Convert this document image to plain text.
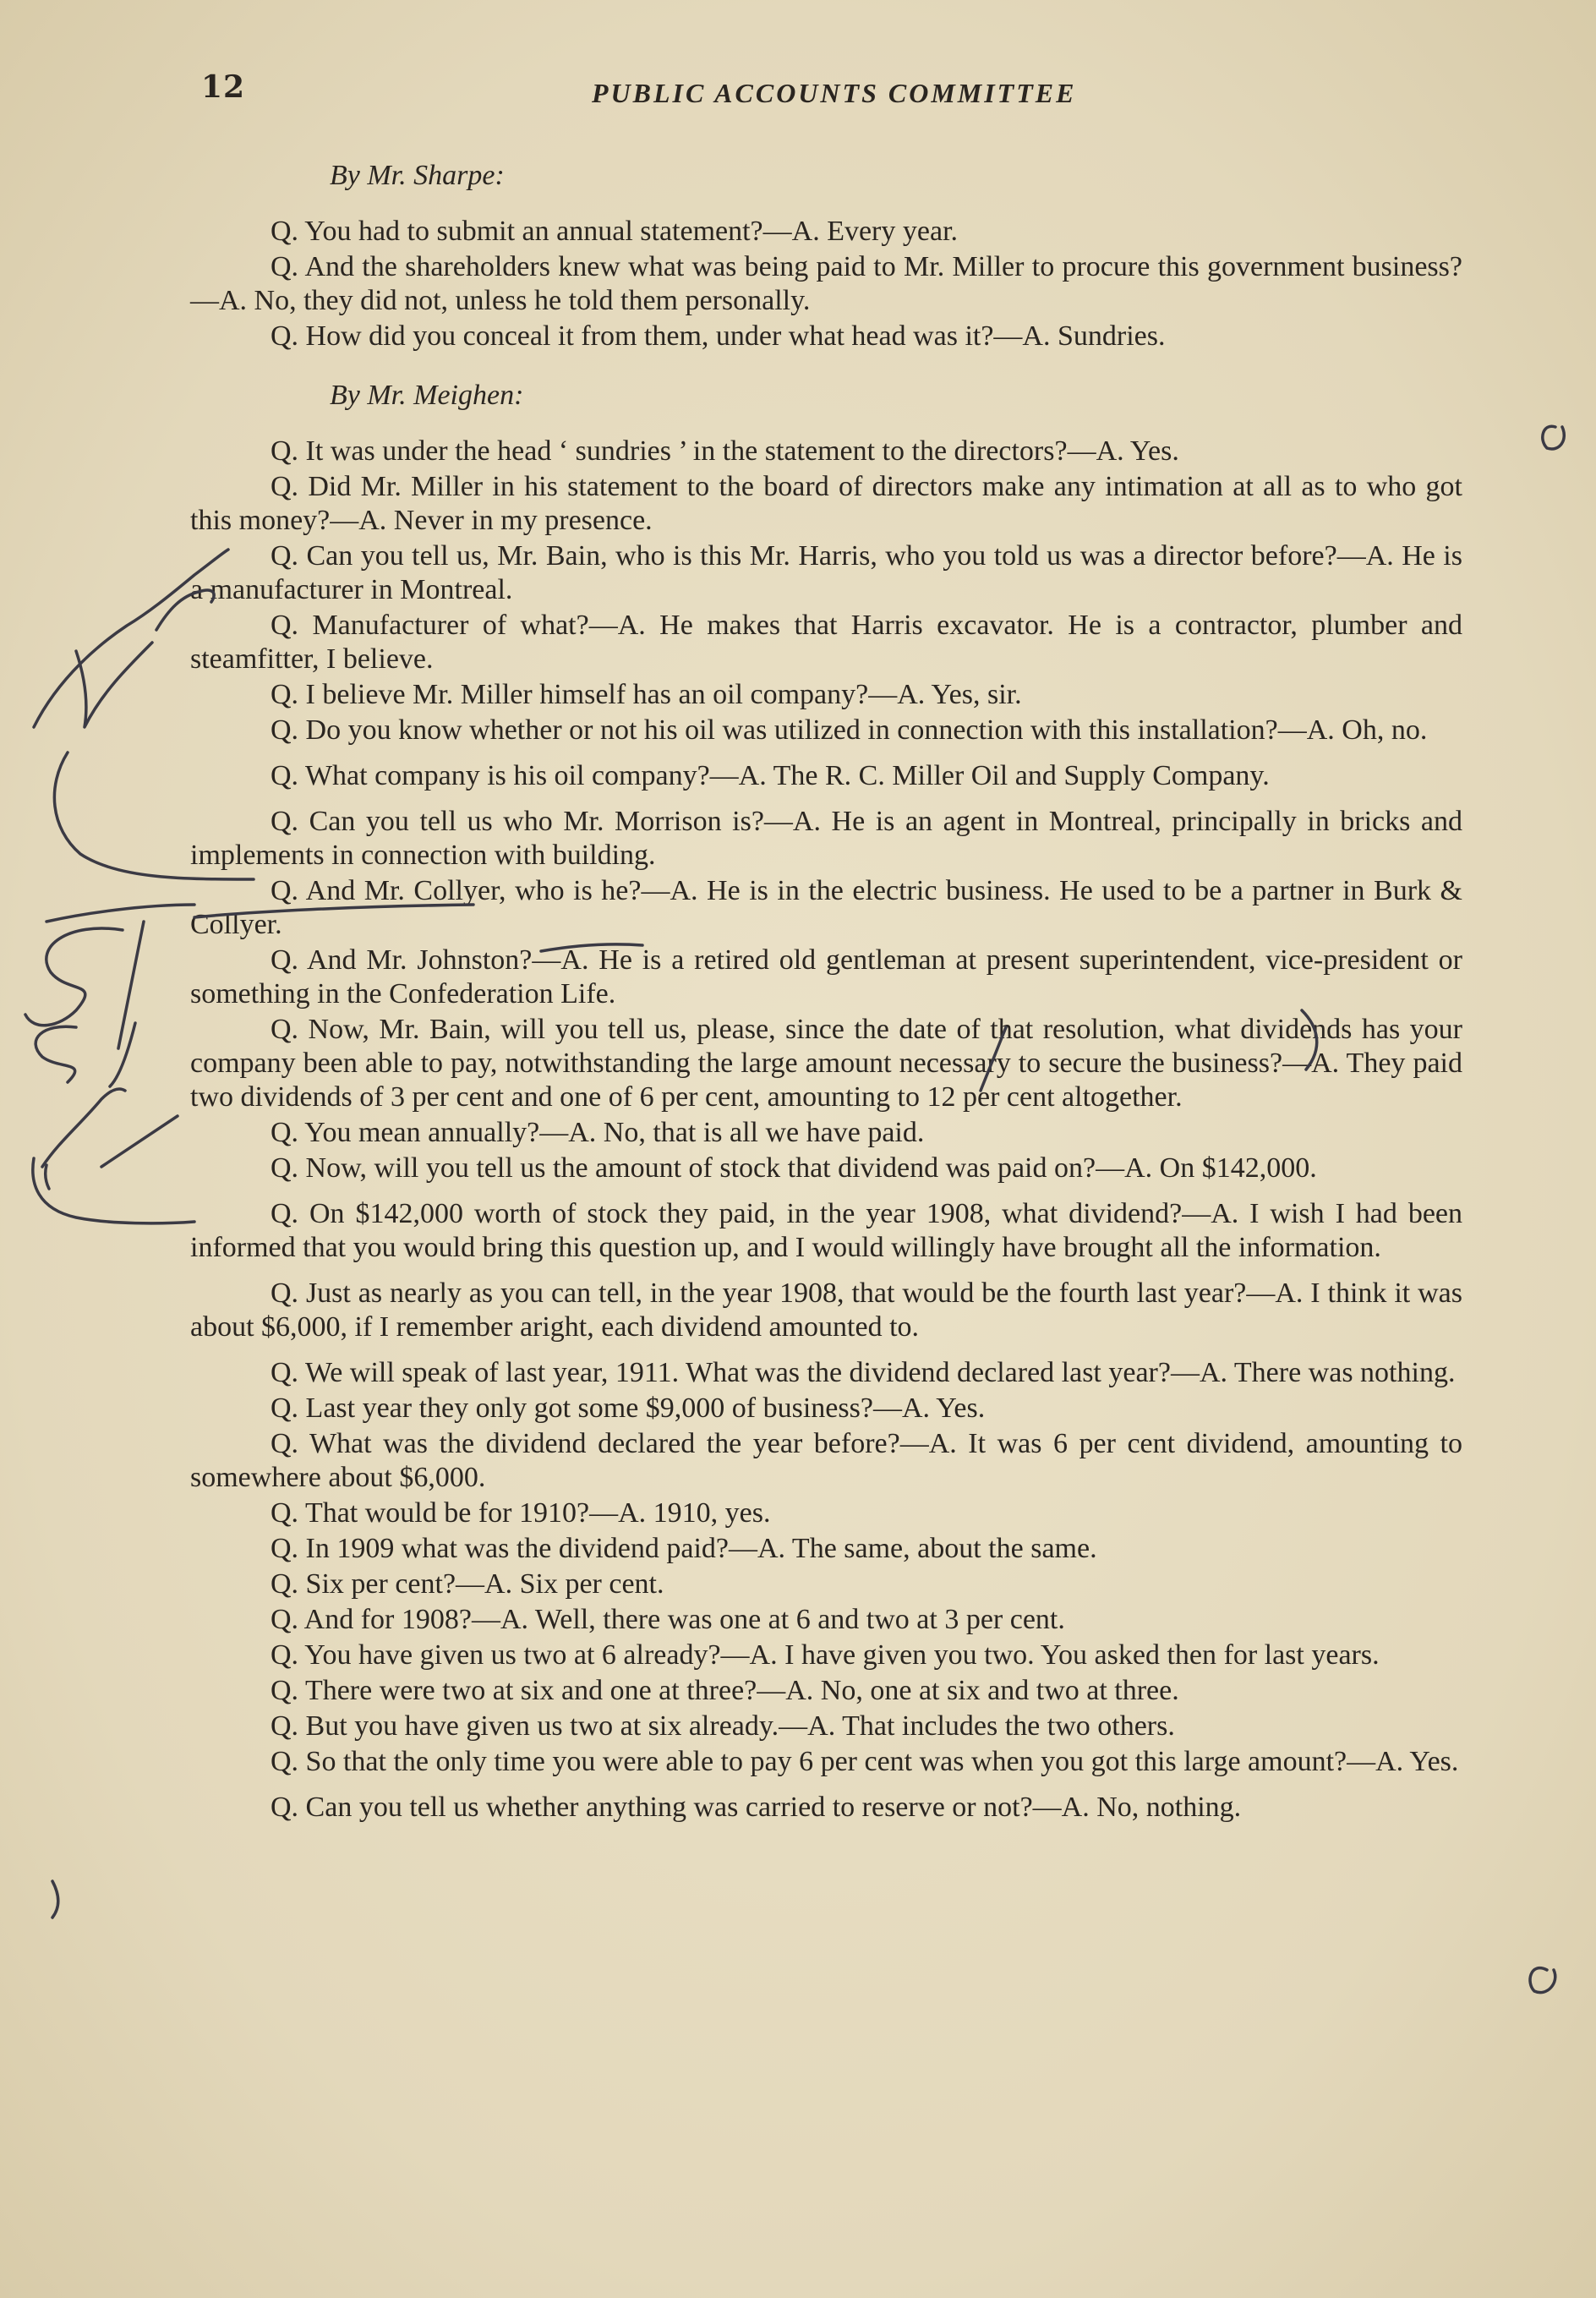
12	PUBLIC ACCOUNTS COMMITTEE
By Mr. Sharpe:

Q. You had to submit an annual statement?—A. Every year.

Q. And the shareholders knew what was being paid to Mr. Miller to procure this government business?—A. No, they did not, unless he told them personally.

Q. How did you conceal it from them, under what head was it?—A. Sundries.

By Mr. Meighen:

Q. It was under the head ‘ sundries ’ in the statement to the directors?—A. Yes.

Q. Did Mr. Miller in his statement to the board of directors make any intimation at all as to who got this money?—A. Never in my presence.

Q. Can you tell us, Mr. Bain, who is this Mr. Harris, who you told us was a director before?—A. He is a manufacturer in Montreal.

Q. Manufacturer of what?—A. He makes that Harris excavator. He is a contractor, plumber and steamfitter, I believe.

Q. I believe Mr. Miller himself has an oil company?—A. Yes, sir.

Q. Do you know whether or not his oil was utilized in connection with this installation?—A. Oh, no.

Q. What company is his oil company?—A. The R. C. Miller Oil and Supply Company.

Q. Can you tell us who Mr. Morrison is?—A. He is an agent in Montreal, principally in bricks and implements in connection with building.

Q. And Mr. Collyer, who is he?—A. He is in the electric business. He used to be a partner in Burk & Collyer.

Q. And Mr. Johnston?—A. He is a retired old gentleman at present superintendent, vice-president or something in the Confederation Life.

Q. Now, Mr. Bain, will you tell us, please, since the date of that resolution, what dividends has your company been able to pay, notwithstanding the large amount necessary to secure the business?—A. They paid two dividends of 3 per cent and one of 6 per cent, amounting to 12 per cent altogether.

Q. You mean annually?—A. No, that is all we have paid.

Q. Now, will you tell us the amount of stock that dividend was paid on?—A. On $142,000.

Q. On $142,000 worth of stock they paid, in the year 1908, what dividend?—A. I wish I had been informed that you would bring this question up, and I would willingly have brought all the information.

Q. Just as nearly as you can tell, in the year 1908, that would be the fourth last year?—A. I think it was about $6,000, if I remember aright, each dividend amounted to.

Q. We will speak of last year, 1911. What was the dividend declared last year?—A. There was nothing.

Q. Last year they only got some $9,000 of business?—A. Yes.

Q. What was the dividend declared the year before?—A. It was 6 per cent dividend, amounting to somewhere about $6,000.

Q. That would be for 1910?—A. 1910, yes.

Q. In 1909 what was the dividend paid?—A. The same, about the same.

Q. Six per cent?—A. Six per cent.

Q. And for 1908?—A. Well, there was one at 6 and two at 3 per cent.

Q. You have given us two at 6 already?—A. I have given you two. You asked then for last years.

Q. There were two at six and one at three?—A. No, one at six and two at three.

Q. But you have given us two at six already.—A. That includes the two others.

Q. So that the only time you were able to pay 6 per cent was when you got this large amount?—A. Yes.

Q. Can you tell us whether anything was carried to reserve or not?—A. No, nothing.
